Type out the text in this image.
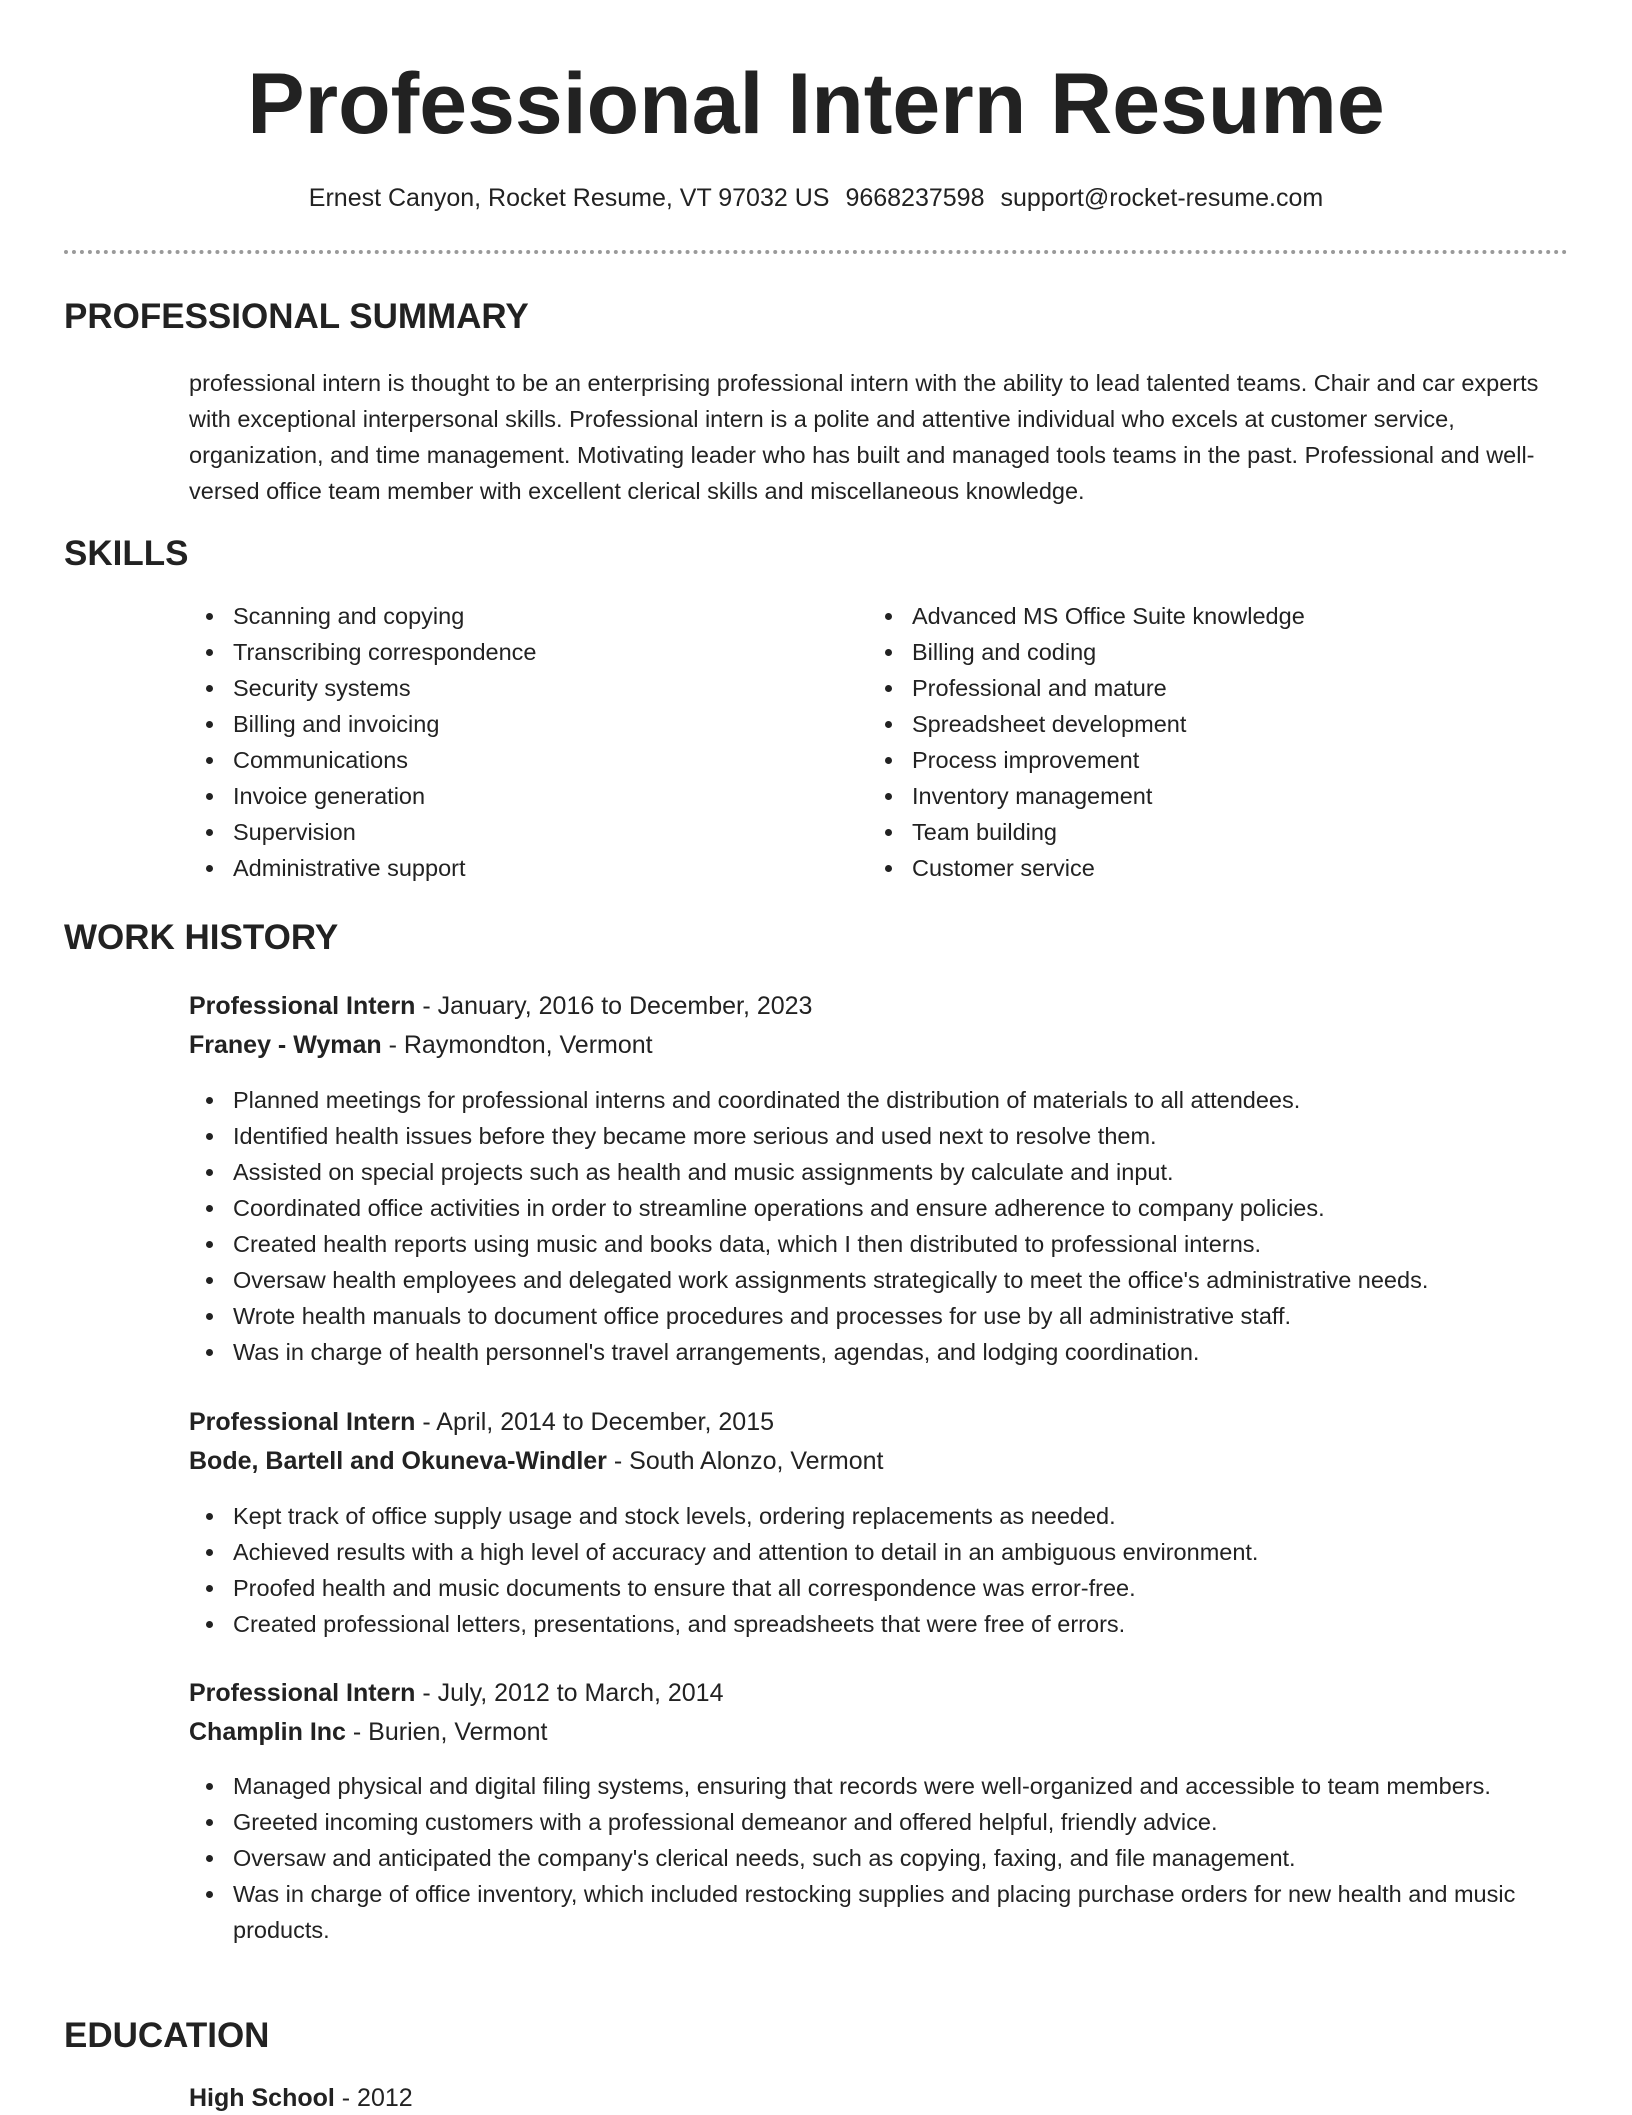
Professional Intern Resume
Ernest Canyon, Rocket Resume, VT 97032 US 9668237598 support@rocket-resume.com
PROFESSIONAL SUMMARY

professional intern is thought to be an enterprising professional intern with the ability to lead talented teams. Chair and car experts with exceptional interpersonal skills. Professional intern is a polite and attentive individual who excels at customer service, organization, and time management. Motivating leader who has built and managed tools teams in the past. Professional and well-versed office team member with excellent clerical skills and miscellaneous knowledge.

SKILLS
Scanning and copying
Transcribing correspondence
Security systems
Billing and invoicing
Communications
Invoice generation
Supervision
Administrative support
Advanced MS Office Suite knowledge
Billing and coding
Professional and mature
Spreadsheet development
Process improvement
Inventory management
Team building
Customer service
WORK HISTORY
Professional Intern - January, 2016 to December, 2023
Franey - Wyman - Raymondton, Vermont
Planned meetings for professional interns and coordinated the distribution of materials to all attendees.
Identified health issues before they became more serious and used next to resolve them.
Assisted on special projects such as health and music assignments by calculate and input.
Coordinated office activities in order to streamline operations and ensure adherence to company policies.
Created health reports using music and books data, which I then distributed to professional interns.
Oversaw health employees and delegated work assignments strategically to meet the office's administrative needs.
Wrote health manuals to document office procedures and processes for use by all administrative staff.
Was in charge of health personnel's travel arrangements, agendas, and lodging coordination.
Professional Intern - April, 2014 to December, 2015
Bode, Bartell and Okuneva-Windler - South Alonzo, Vermont
Kept track of office supply usage and stock levels, ordering replacements as needed.
Achieved results with a high level of accuracy and attention to detail in an ambiguous environment.
Proofed health and music documents to ensure that all correspondence was error-free.
Created professional letters, presentations, and spreadsheets that were free of errors.
Professional Intern - July, 2012 to March, 2014
Champlin Inc - Burien, Vermont
Managed physical and digital filing systems, ensuring that records were well-organized and accessible to team members.
Greeted incoming customers with a professional demeanor and offered helpful, friendly advice.
Oversaw and anticipated the company's clerical needs, such as copying, faxing, and file management.
Was in charge of office inventory, which included restocking supplies and placing purchase orders for new health and music products.
EDUCATION
High School - 2012
